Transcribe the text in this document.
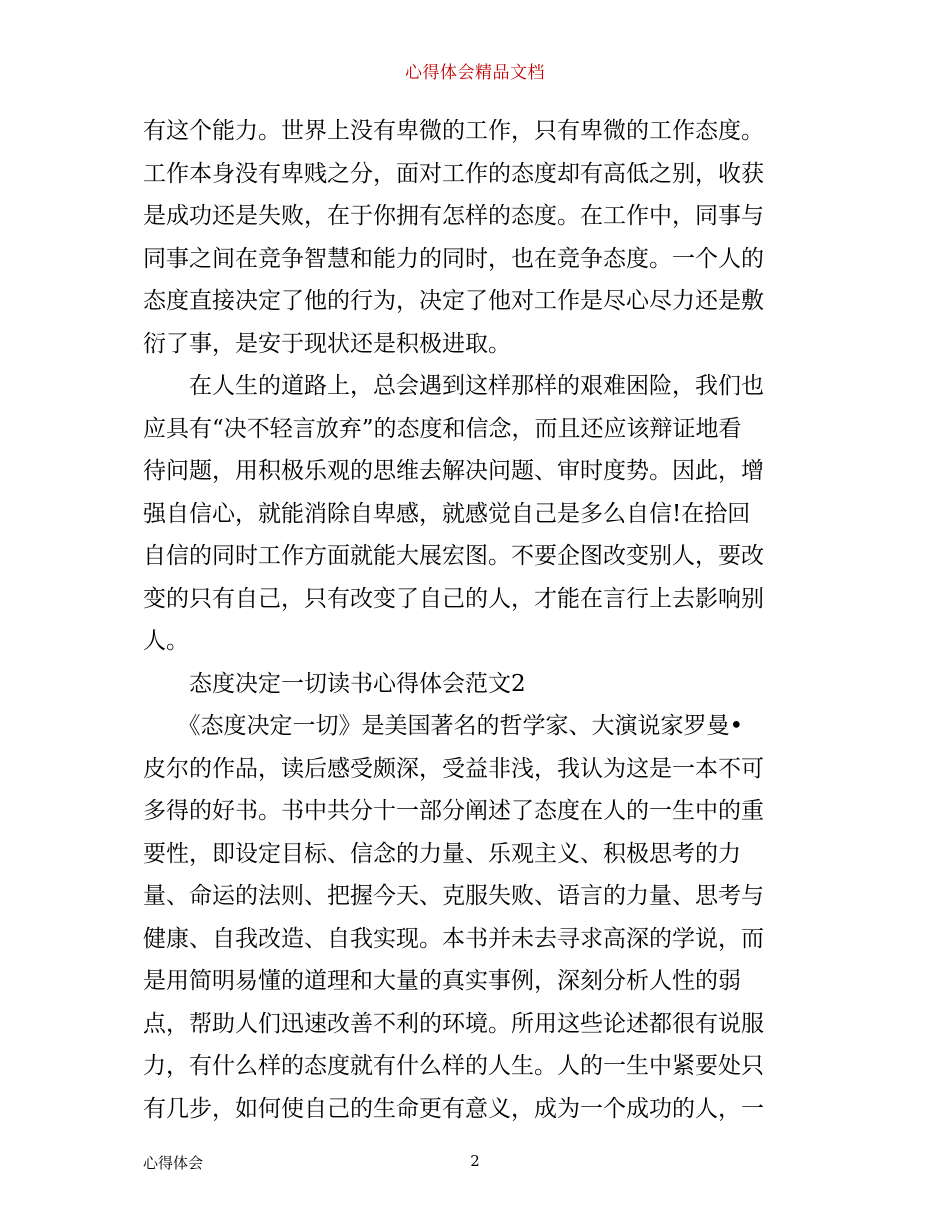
心得体会精品文档
有这个能力。世界上没有卑微的工作，只有卑微的工作态度。
工作本身没有卑贱之分，面对工作的态度却有高低之别，收获
是成功还是失败，在于你拥有怎样的态度。在工作中，同事与
同事之间在竞争智慧和能力的同时，也在竞争态度。一个人的
态度直接决定了他的行为，决定了他对工作是尽心尽力还是敷
衍了事，是安于现状还是积极进取。
　　在人生的道路上，总会遇到这样那样的艰难困险，我们也
应具有“决不轻言放弃”的态度和信念，而且还应该辩证地看
待问题，用积极乐观的思维去解决问题、审时度势。因此，增
强自信心，就能消除自卑感，就感觉自己是多么自信!在拾回
自信的同时工作方面就能大展宏图。不要企图改变别人，要改
变的只有自己，只有改变了自己的人，才能在言行上去影响别
人。
　　态度决定一切读书心得体会范文2
　　《态度决定一切》是美国著名的哲学家、大演说家罗曼•
皮尔的作品，读后感受颇深，受益非浅，我认为这是一本不可
多得的好书。书中共分十一部分阐述了态度在人的一生中的重
要性，即设定目标、信念的力量、乐观主义、积极思考的力
量、命运的法则、把握今天、克服失败、语言的力量、思考与
健康、自我改造、自我实现。本书并未去寻求高深的学说，而
是用简明易懂的道理和大量的真实事例，深刻分析人性的弱
点，帮助人们迅速改善不利的环境。所用这些论述都很有说服
力，有什么样的态度就有什么样的人生。人的一生中紧要处只
有几步，如何使自己的生命更有意义，成为一个成功的人，一
心得体会	2
